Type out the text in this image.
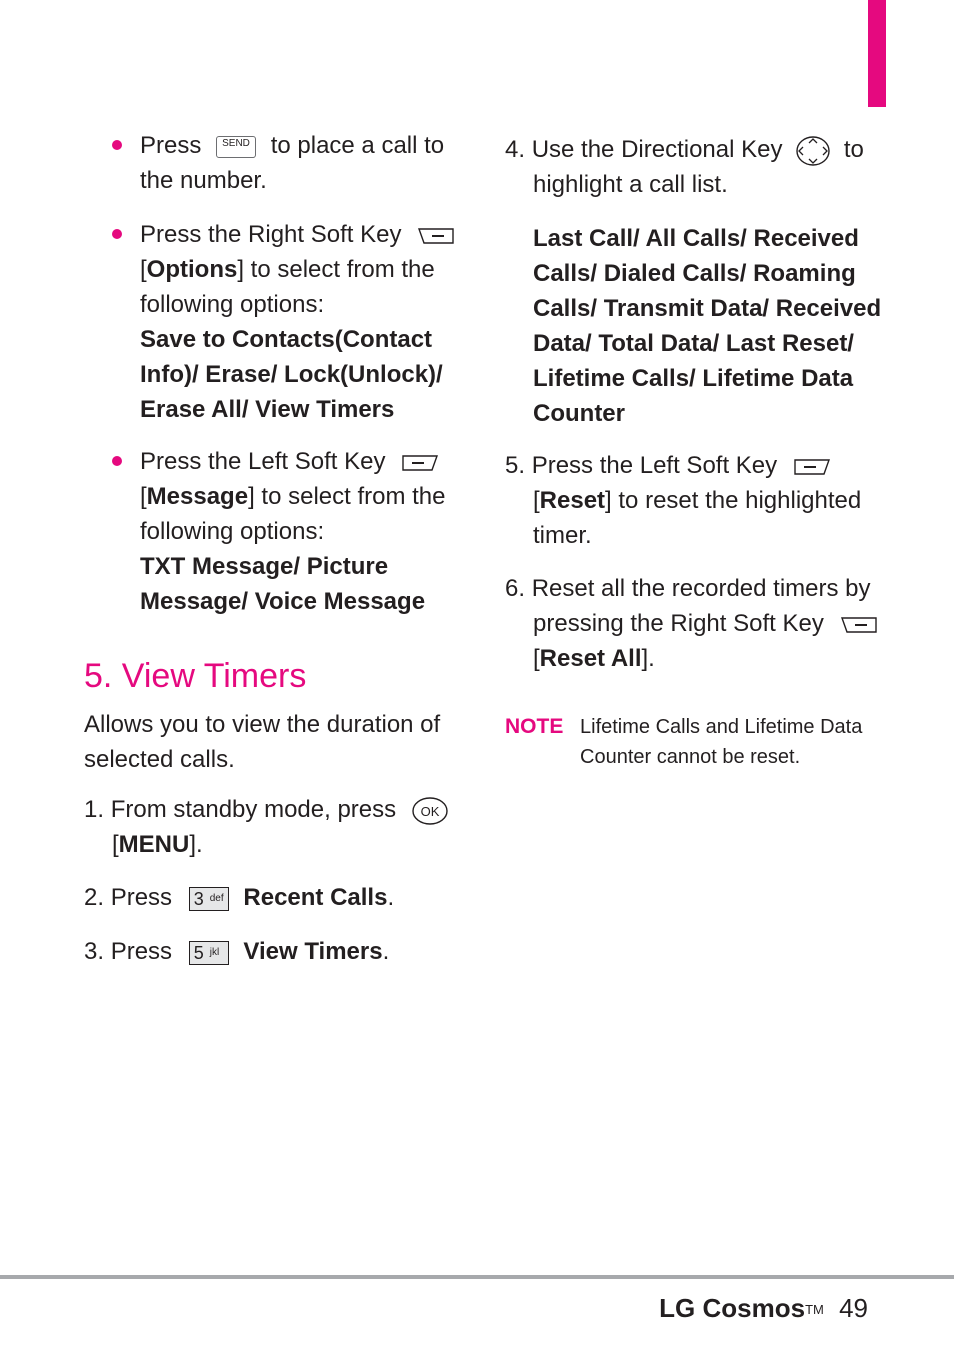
Press SEND to place a call to

the number.

Press the Right Soft Key

[Options] to select from the

following options:

Save to Contacts(Contact

Info)/ Erase/ Lock(Unlock)/

Erase All/ View Timers

Press the Left Soft Key

[Message] to select from the

following options:

TXT Message/ Picture

Message/ Voice Message

5. View Timers

Allows you to view the duration of

selected calls.

1. From standby mode, press OK

[MENU].

2. Press 3 def Recent Calls.

3. Press 5 jkl View Timers.

4. Use the Directional Key	to

highlight a call list.

Last Call/ All Calls/ Received

Calls/ Dialed Calls/ Roaming

Calls/ Transmit Data/ Received

Data/ Total Data/ Last Reset/

Lifetime Calls/ Lifetime Data

Counter

5. Press the Left Soft Key

[Reset] to reset the highlighted

timer.

6. Reset all the recorded timers by

pressing the Right Soft Key

[Reset All].

NOTE Lifetime Calls and Lifetime Data
Counter cannot be reset.
LG Cosmos™ 49
